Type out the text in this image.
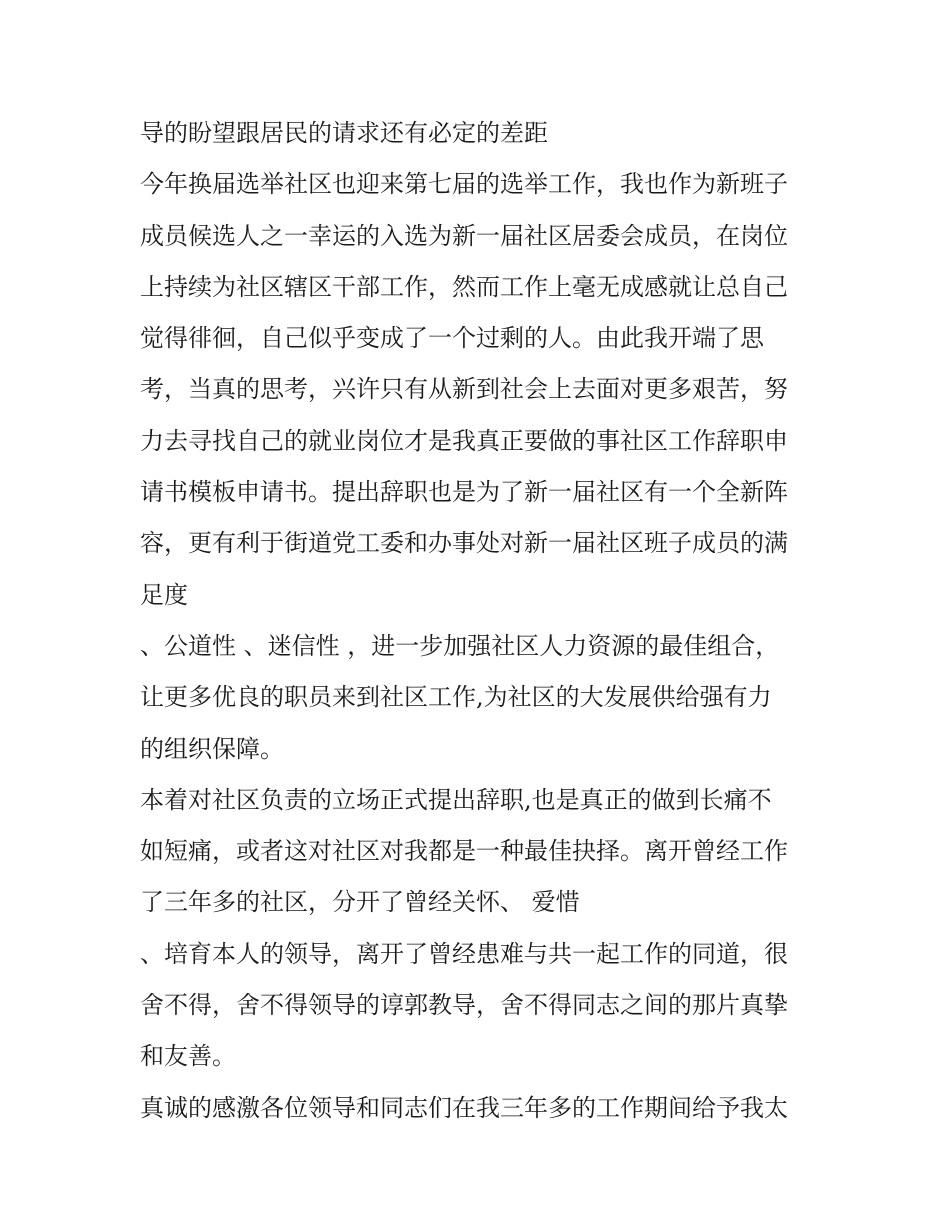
导的盼望跟居民的请求还有必定的差距
今年换届选举社区也迎来第七届的选举工作，我也作为新班子
成员候选人之一幸运的入选为新一届社区居委会成员，在岗位
上持续为社区辖区干部工作，然而工作上毫无成感就让总自己
觉得徘徊，自己似乎变成了一个过剩的人。由此我开端了思
考，当真的思考，兴许只有从新到社会上去面对更多艰苦，努
力去寻找自己的就业岗位才是我真正要做的事社区工作辞职申
请书模板申请书。提出辞职也是为了新一届社区有一个全新阵
容，更有利于街道党工委和办事处对新一届社区班子成员的满
足度
、公道性 、迷信性 ，进一步加强社区人力资源的最佳组合，
让更多优良的职员来到社区工作,为社区的大发展供给强有力
的组织保障。
本着对社区负责的立场正式提出辞职,也是真正的做到长痛不
如短痛，或者这对社区对我都是一种最佳抉择。离开曾经工作
了三年多的社区，分开了曾经关怀、 爱惜
、培育本人的领导，离开了曾经患难与共一起工作的同道，很
舍不得，舍不得领导的谆郭教导，舍不得同志之间的那片真挚
和友善。
真诚的感激各位领导和同志们在我三年多的工作期间给予我太
